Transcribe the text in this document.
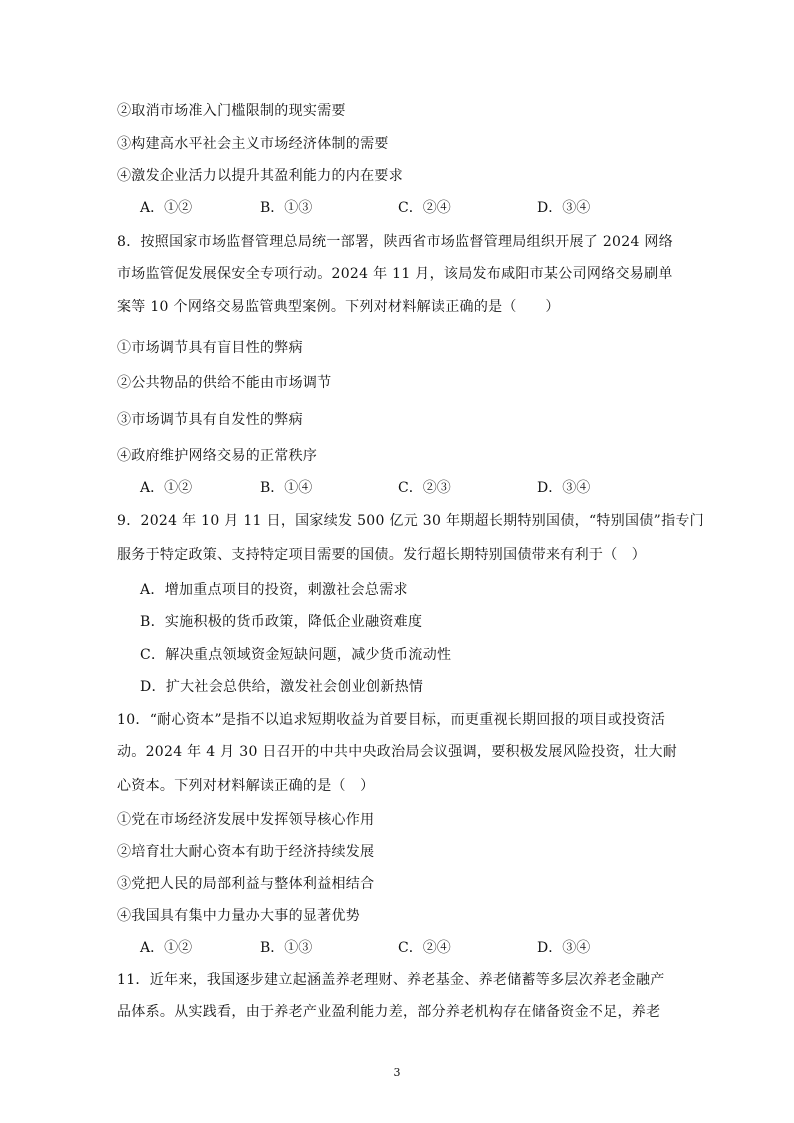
②取消市场准入门槛限制的现实需要
③构建高水平社会主义市场经济体制的需要
④激发企业活力以提升其盈利能力的内在要求
A．①②	B．①③	C．②④	D．③④
8．按照国家市场监督管理总局统一部署，陕西省市场监督管理局组织开展了 2024 网络
市场监管促发展保安全专项行动。2024 年 11 月，该局发布咸阳市某公司网络交易刷单
案等 10 个网络交易监管典型案例。下列对材料解读正确的是（　　）
①市场调节具有盲目性的弊病
②公共物品的供给不能由市场调节
③市场调节具有自发性的弊病
④政府维护网络交易的正常秩序
A．①②	B．①④	C．②③	D．③④
9．2024 年 10 月 11 日，国家续发 500 亿元 30 年期超长期特别国债，“特别国债”指专门
服务于特定政策、支持特定项目需要的国债。发行超长期特别国债带来有利于（　）
A．增加重点项目的投资，刺激社会总需求
B．实施积极的货币政策，降低企业融资难度
C．解决重点领域资金短缺问题，减少货币流动性
D．扩大社会总供给，激发社会创业创新热情
10．“耐心资本”是指不以追求短期收益为首要目标，而更重视长期回报的项目或投资活
动。2024 年 4 月 30 日召开的中共中央政治局会议强调，要积极发展风险投资，壮大耐
心资本。下列对材料解读正确的是（　）
①党在市场经济发展中发挥领导核心作用
②培育壮大耐心资本有助于经济持续发展
③党把人民的局部利益与整体利益相结合
④我国具有集中力量办大事的显著优势
A．①②	B．①③	C．②④	D．③④
11．近年来，我国逐步建立起涵盖养老理财、养老基金、养老储蓄等多层次养老金融产
品体系。从实践看，由于养老产业盈利能力差，部分养老机构存在储备资金不足，养老
3
